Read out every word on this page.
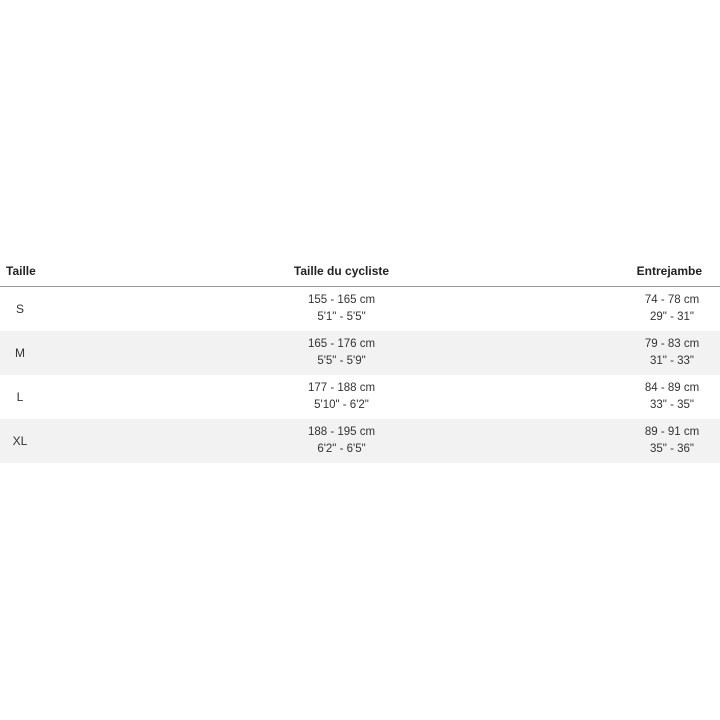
Taille	Taille du cycliste	Entrejambe
S
155 - 165 cm
5'1" - 5'5"
74 - 78 cm
29" - 31"
M
165 - 176 cm
5'5" - 5'9"
79 - 83 cm
31" - 33"
L
177 - 188 cm
5'10" - 6'2"
84 - 89 cm
33" - 35"
XL
188 - 195 cm
6'2" - 6'5"
89 - 91 cm
35" - 36"
